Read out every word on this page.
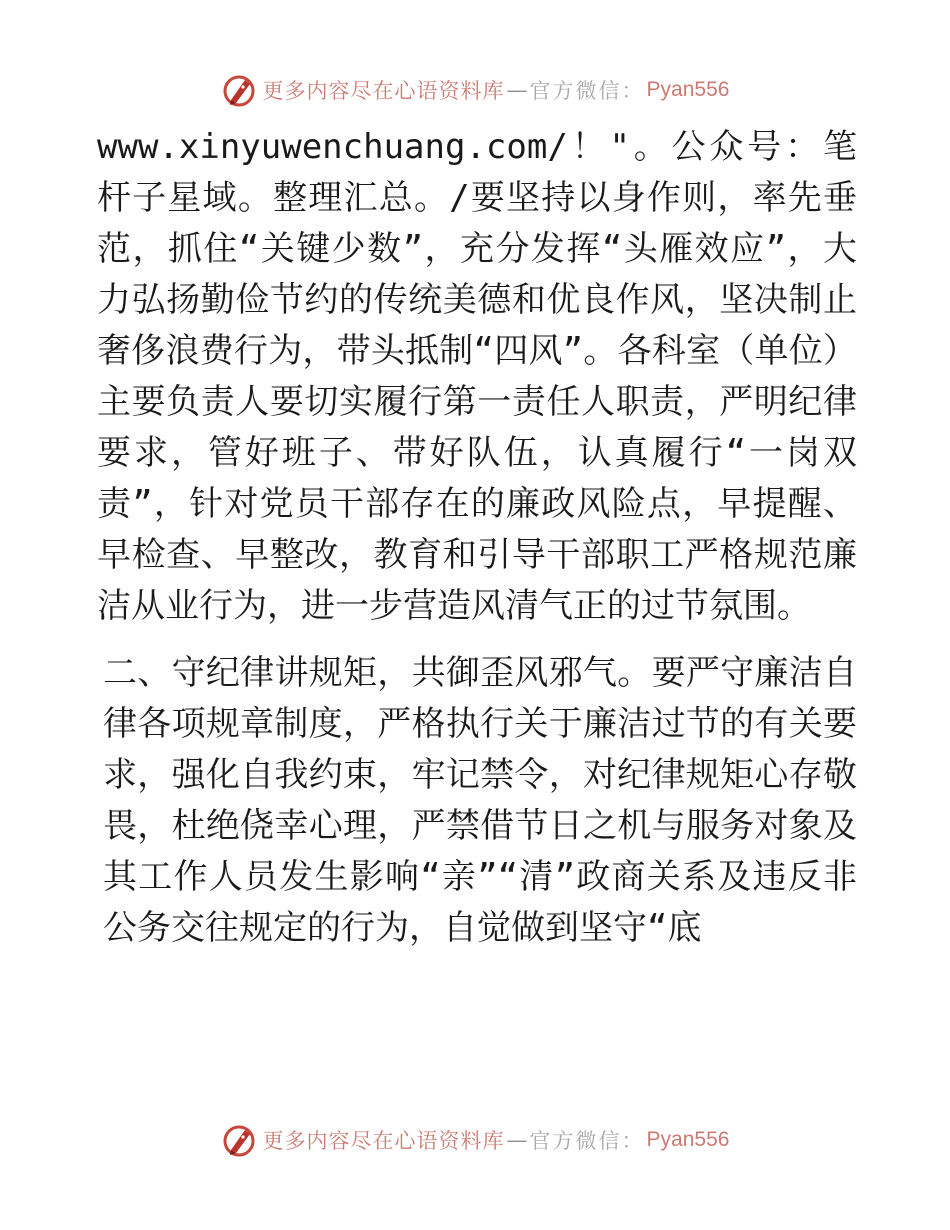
更多内容尽在心语资料库 — 官方微信： Pyan556

www.xinyuwenchuang.com/！"。公众号：笔杆子星域。整理汇总。/要坚持以身作则，率先垂范，抓住“关键少数”，充分发挥“头雁效应”，大力弘扬勤俭节约的传统美德和优良作风，坚决制止奢侈浪费行为，带头抵制“四风”。各科室（单位）主要负责人要切实履行第一责任人职责，严明纪律要求，管好班子、带好队伍，认真履行“一岗双责”，针对党员干部存在的廉政风险点，早提醒、早检查、早整改，教育和引导干部职工严格规范廉洁从业行为，进一步营造风清气正的过节氛围。

二、守纪律讲规矩，共御歪风邪气。要严守廉洁自律各项规章制度，严格执行关于廉洁过节的有关要求，强化自我约束，牢记禁令，对纪律规矩心存敬畏，杜绝侥幸心理，严禁借节日之机与服务对象及其工作人员发生影响“亲”“清”政商关系及违反非公务交往规定的行为，自觉做到坚守“底

更多内容尽在心语资料库 — 官方微信： Pyan556
